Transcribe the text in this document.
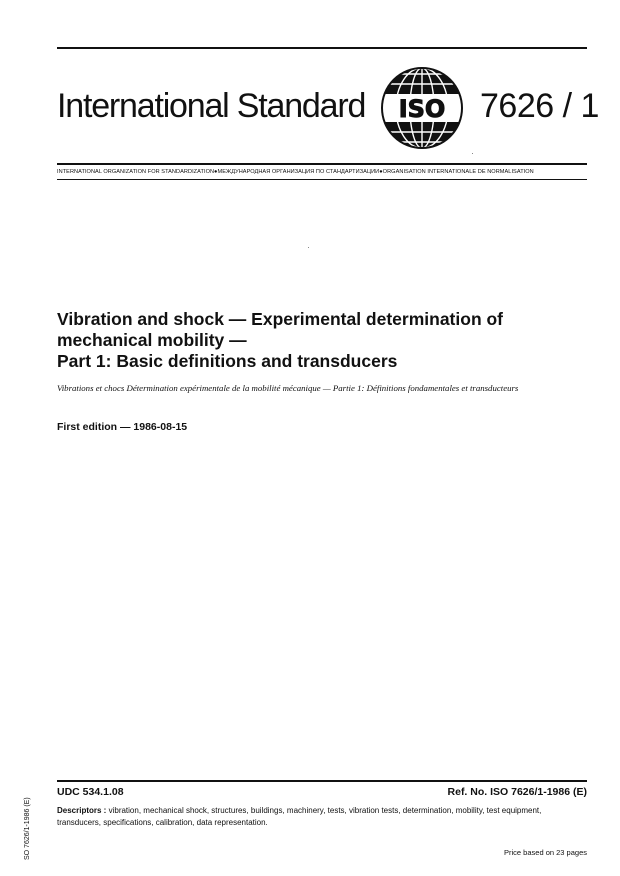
International Standard ISO 7626 / 1
INTERNATIONAL ORGANIZATION FOR STANDARDIZATION●МЕЖДУНАРОДНАЯ ОРГАНИЗАЦИЯ ПО СТАНДАРТИЗАЦИИ●ORGANISATION INTERNATIONALE DE NORMALISATION
Vibration and shock — Experimental determination of
mechanical mobility —
Part 1: Basic definitions and transducers
Vibrations et chocs Détermination expérimentale de la mobilité mécanique — Partie 1: Définitions fondamentales et transducteurs
First edition — 1986-08-15
UDC 534.1.08	Ref. No. ISO 7626/1-1986 (E)
Descriptors : vibration, mechanical shock, structures, buildings, machinery, tests, vibration tests, determination, mobility, test equipment, transducers, specifications, calibration, data representation.
Price based on 23 pages
SO 7626/1-1986 (E)
